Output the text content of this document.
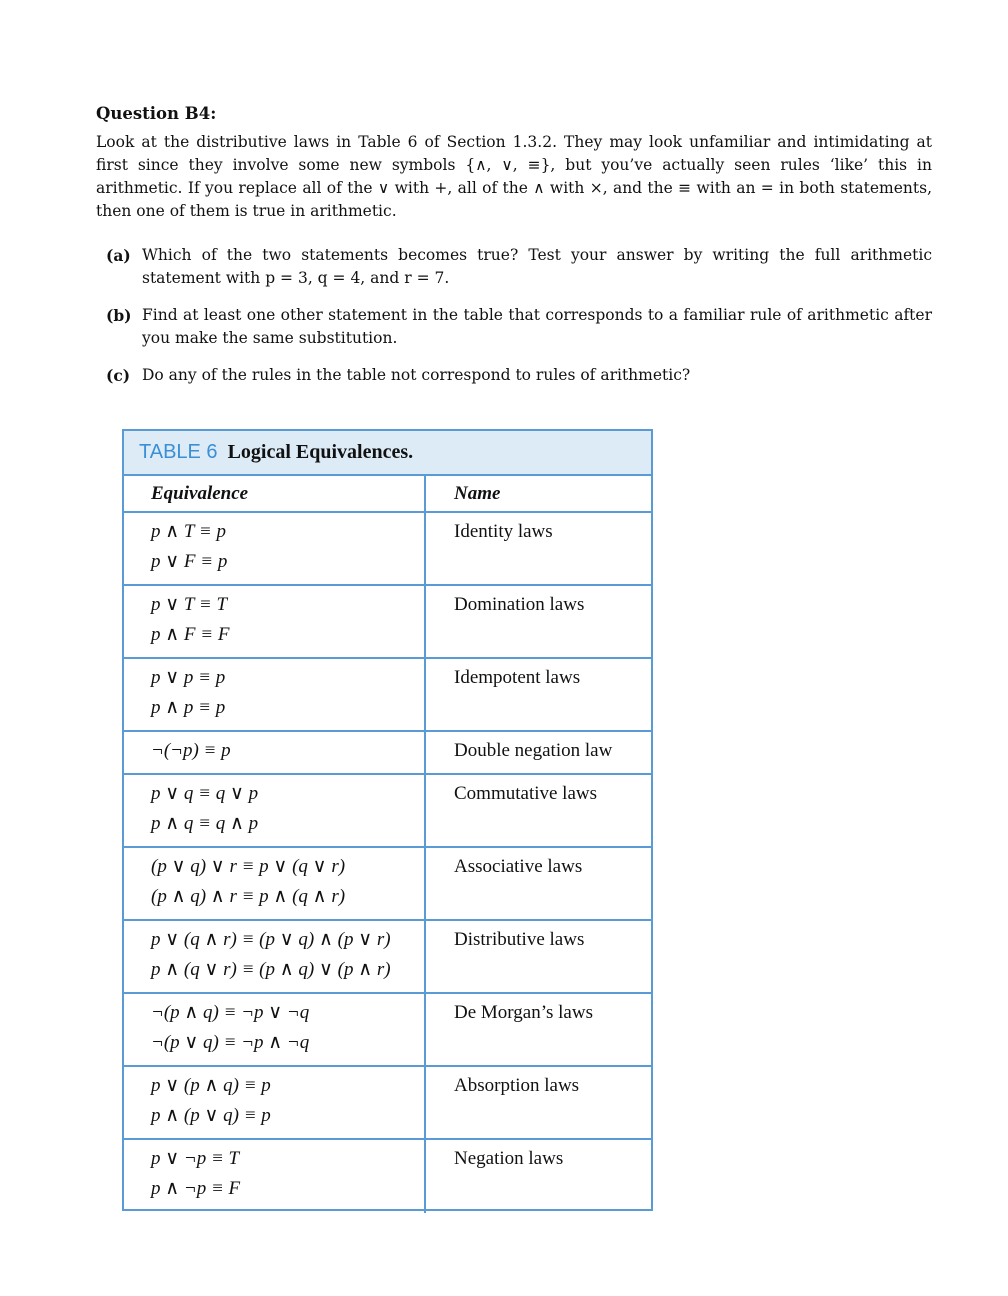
Question B4:
Look at the distributive laws in Table 6 of Section 1.3.2. They may look unfamiliar and intimidating at first since they involve some new symbols {∧, ∨, ≡}, but you’ve actually seen rules ‘like’ this in arithmetic. If you replace all of the ∨ with +, all of the ∧ with ×, and the ≡ with an = in both statements, then one of them is true in arithmetic.
(a) Which of the two statements becomes true? Test your answer by writing the full arithmetic statement with p = 3, q = 4, and r = 7.
(b) Find at least one other statement in the table that corresponds to a familiar rule of arithmetic after you make the same substitution.
(c) Do any of the rules in the table not correspond to rules of arithmetic?
TABLE 6 Logical Equivalences.
Equivalence	Name
p ∧ T ≡ p
p ∨ F ≡ p
Identity laws
p ∨ T ≡ T
p ∧ F ≡ F
Domination laws
p ∨ p ≡ p
p ∧ p ≡ p
Idempotent laws
¬(¬p) ≡ p	Double negation law
p ∨ q ≡ q ∨ p
p ∧ q ≡ q ∧ p
Commutative laws
(p ∨ q) ∨ r ≡ p ∨ (q ∨ r)
(p ∧ q) ∧ r ≡ p ∧ (q ∧ r)
Associative laws
p ∨ (q ∧ r) ≡ (p ∨ q) ∧ (p ∨ r)
p ∧ (q ∨ r) ≡ (p ∧ q) ∨ (p ∧ r)
Distributive laws
¬(p ∧ q) ≡ ¬p ∨ ¬q
¬(p ∨ q) ≡ ¬p ∧ ¬q
De Morgan’s laws
p ∨ (p ∧ q) ≡ p
p ∧ (p ∨ q) ≡ p
Absorption laws
p ∨ ¬p ≡ T
p ∧ ¬p ≡ F
Negation laws
